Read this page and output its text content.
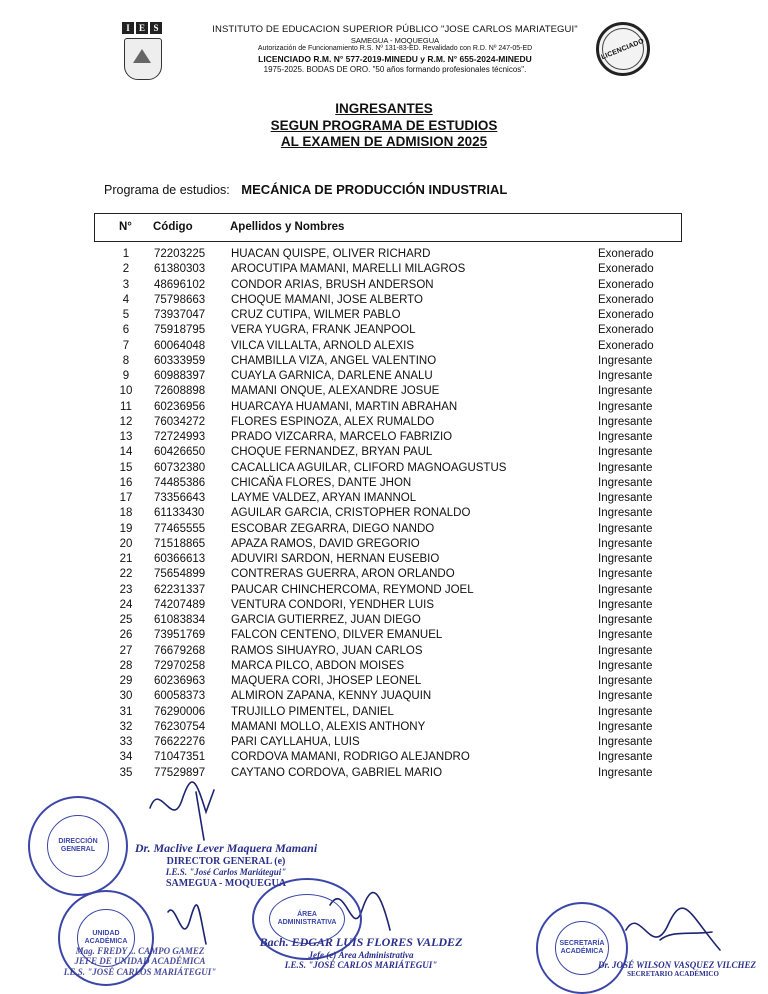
I	E S	INSTITUTO DE EDUCACION SUPERIOR PÚBLICO "JOSE CARLOS MARIATEGUI"
SAMEGUA - MOQUEGUA
Autorización de Funcionamiento R.S. Nº 131-83-ED. Revalidado con R.D. Nº 247-05-ED
LICENCIADO R.M. N° 577-2019-MINEDU y R.M. N° 655-2024-MINEDU
1975-2025. BODAS DE ORO. "50 años formando profesionales técnicos".
LICENCIADO
INGRESANTES
SEGUN PROGRAMA DE ESTUDIOS
AL EXAMEN DE ADMISION 2025
Programa de estudios: MECÁNICA DE PRODUCCIÓN INDUSTRIAL
N° Código	Apellidos y Nombres
1	72203225 HUACAN QUISPE, OLIVER RICHARD	Exonerado
2	61380303 AROCUTIPA MAMANI, MARELLI MILAGROS	Exonerado
3	48696102 CONDOR ARIAS, BRUSH ANDERSON	Exonerado
4	75798663 CHOQUE MAMANI, JOSE ALBERTO	Exonerado
5	73937047 CRUZ CUTIPA, WILMER PABLO	Exonerado
6	75918795 VERA YUGRA, FRANK JEANPOOL	Exonerado
7	60064048 VILCA VILLALTA, ARNOLD ALEXIS	Exonerado
8	60333959 CHAMBILLA VIZA, ANGEL VALENTINO	Ingresante
9	60988397 CUAYLA GARNICA, DARLENE ANALU	Ingresante
10	72608898 MAMANI ONQUE, ALEXANDRE JOSUE	Ingresante
11	60236956 HUARCAYA HUAMANI, MARTIN ABRAHAN	Ingresante
12	76034272 FLORES ESPINOZA, ALEX RUMALDO	Ingresante
13	72724993 PRADO VIZCARRA, MARCELO FABRIZIO	Ingresante
14	60426650 CHOQUE FERNANDEZ, BRYAN PAUL	Ingresante
15	60732380 CACALLICA AGUILAR, CLIFORD MAGNOAGUSTUS	Ingresante
16	74485386 CHICAÑA FLORES, DANTE JHON	Ingresante
17	73356643 LAYME VALDEZ, ARYAN IMANNOL	Ingresante
18	61133430 AGUILAR GARCIA, CRISTOPHER RONALDO	Ingresante
19	77465555 ESCOBAR ZEGARRA, DIEGO NANDO	Ingresante
20	71518865 APAZA RAMOS, DAVID GREGORIO	Ingresante
21	60366613 ADUVIRI SARDON, HERNAN EUSEBIO	Ingresante
22	75654899 CONTRERAS GUERRA, ARON ORLANDO	Ingresante
23	62231337 PAUCAR CHINCHERCOMA, REYMOND JOEL	Ingresante
24	74207489 VENTURA CONDORI, YENDHER LUIS	Ingresante
25	61083834 GARCIA GUTIERREZ, JUAN DIEGO	Ingresante
26	73951769 FALCON CENTENO, DILVER EMANUEL	Ingresante
27	76679268 RAMOS SIHUAYRO, JUAN CARLOS	Ingresante
28	72970258 MARCA PILCO, ABDON MOISES	Ingresante
29	60236963 MAQUERA CORI, JHOSEP LEONEL	Ingresante
30	60058373 ALMIRON ZAPANA, KENNY JUAQUIN	Ingresante
31	76290006 TRUJILLO PIMENTEL, DANIEL	Ingresante
32	76230754 MAMANI MOLLO, ALEXIS ANTHONY	Ingresante
33	76622276 PARI CAYLLAHUA, LUIS	Ingresante
34	71047351 CORDOVA MAMANI, RODRIGO ALEJANDRO	Ingresante
35	77529897 CAYTANO CORDOVA, GABRIEL MARIO	Ingresante
DIRECCIÓN GENERAL
UNIDAD ACADÉMICA
ÁREA ADMINISTRATIVA
SECRETARÍA ACADÉMICA
Dr. Maclive Lever Maquera Mamani
DIRECTOR GENERAL (e)
I.E.S. "José Carlos Mariátegui"
SAMEGUA - MOQUEGUA
Mag. FREDY ... CAMPO GAMEZ
JEFE DE UNIDAD ACADÉMICA
I.E.S. "JOSÉ CARLOS MARIÁTEGUI"
Bach. EDGAR LUIS FLORES VALDEZ
Jefe (e) Área Administrativa
I.E.S. "JOSÉ CARLOS MARIÁTEGUI"	Dr. JOSÉ WILSON VASQUEZ VILCHEZ
SECRETARIO ACADÉMICO
